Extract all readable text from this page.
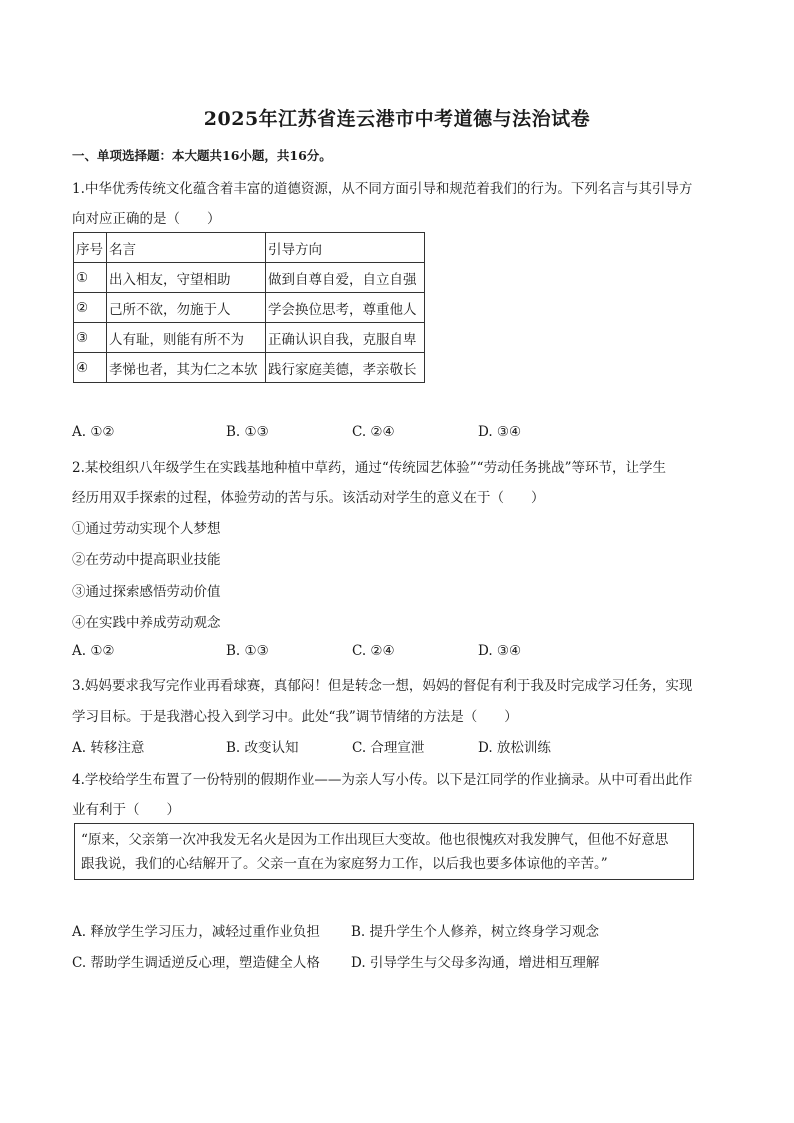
2025年江苏省连云港市中考道德与法治试卷
一、单项选择题：本大题共16小题，共16分。
1.中华优秀传统文化蕴含着丰富的道德资源，从不同方面引导和规范着我们的行为。下列名言与其引导方
向对应正确的是（　　）
序号	名言	引导方向
①	出入相友，守望相助	做到自尊自爱，自立自强
②	己所不欲，勿施于人	学会换位思考，尊重他人
③	人有耻，则能有所不为	正确认识自我，克服自卑
④	孝悌也者，其为仁之本欤	践行家庭美德，孝亲敬长
A. ①②	B. ①③	C. ②④	D. ③④
2.某校组织八年级学生在实践基地种植中草药，通过“传统园艺体验”“劳动任务挑战”等环节，让学生
经历用双手探索的过程，体验劳动的苦与乐。该活动对学生的意义在于（　　）
①通过劳动实现个人梦想
②在劳动中提高职业技能
③通过探索感悟劳动价值
④在实践中养成劳动观念
A. ①②	B. ①③	C. ②④	D. ③④
3.妈妈要求我写完作业再看球赛，真郁闷！但是转念一想，妈妈的督促有利于我及时完成学习任务，实现
学习目标。于是我潜心投入到学习中。此处“我”调节情绪的方法是（　　）
A. 转移注意	B. 改变认知	C. 合理宣泄	D. 放松训练
4.学校给学生布置了一份特别的假期作业——为亲人写小传。以下是江同学的作业摘录。从中可看出此作
业有利于（　　）
“原来，父亲第一次冲我发无名火是因为工作出现巨大变故。他也很愧疚对我发脾气，但他不好意思
跟我说，我们的心结解开了。父亲一直在为家庭努力工作，以后我也要多体谅他的辛苦。”
A. 释放学生学习压力，减轻过重作业负担 B. 提升学生个人修养，树立终身学习观念
C. 帮助学生调适逆反心理，塑造健全人格 D. 引导学生与父母多沟通，增进相互理解
